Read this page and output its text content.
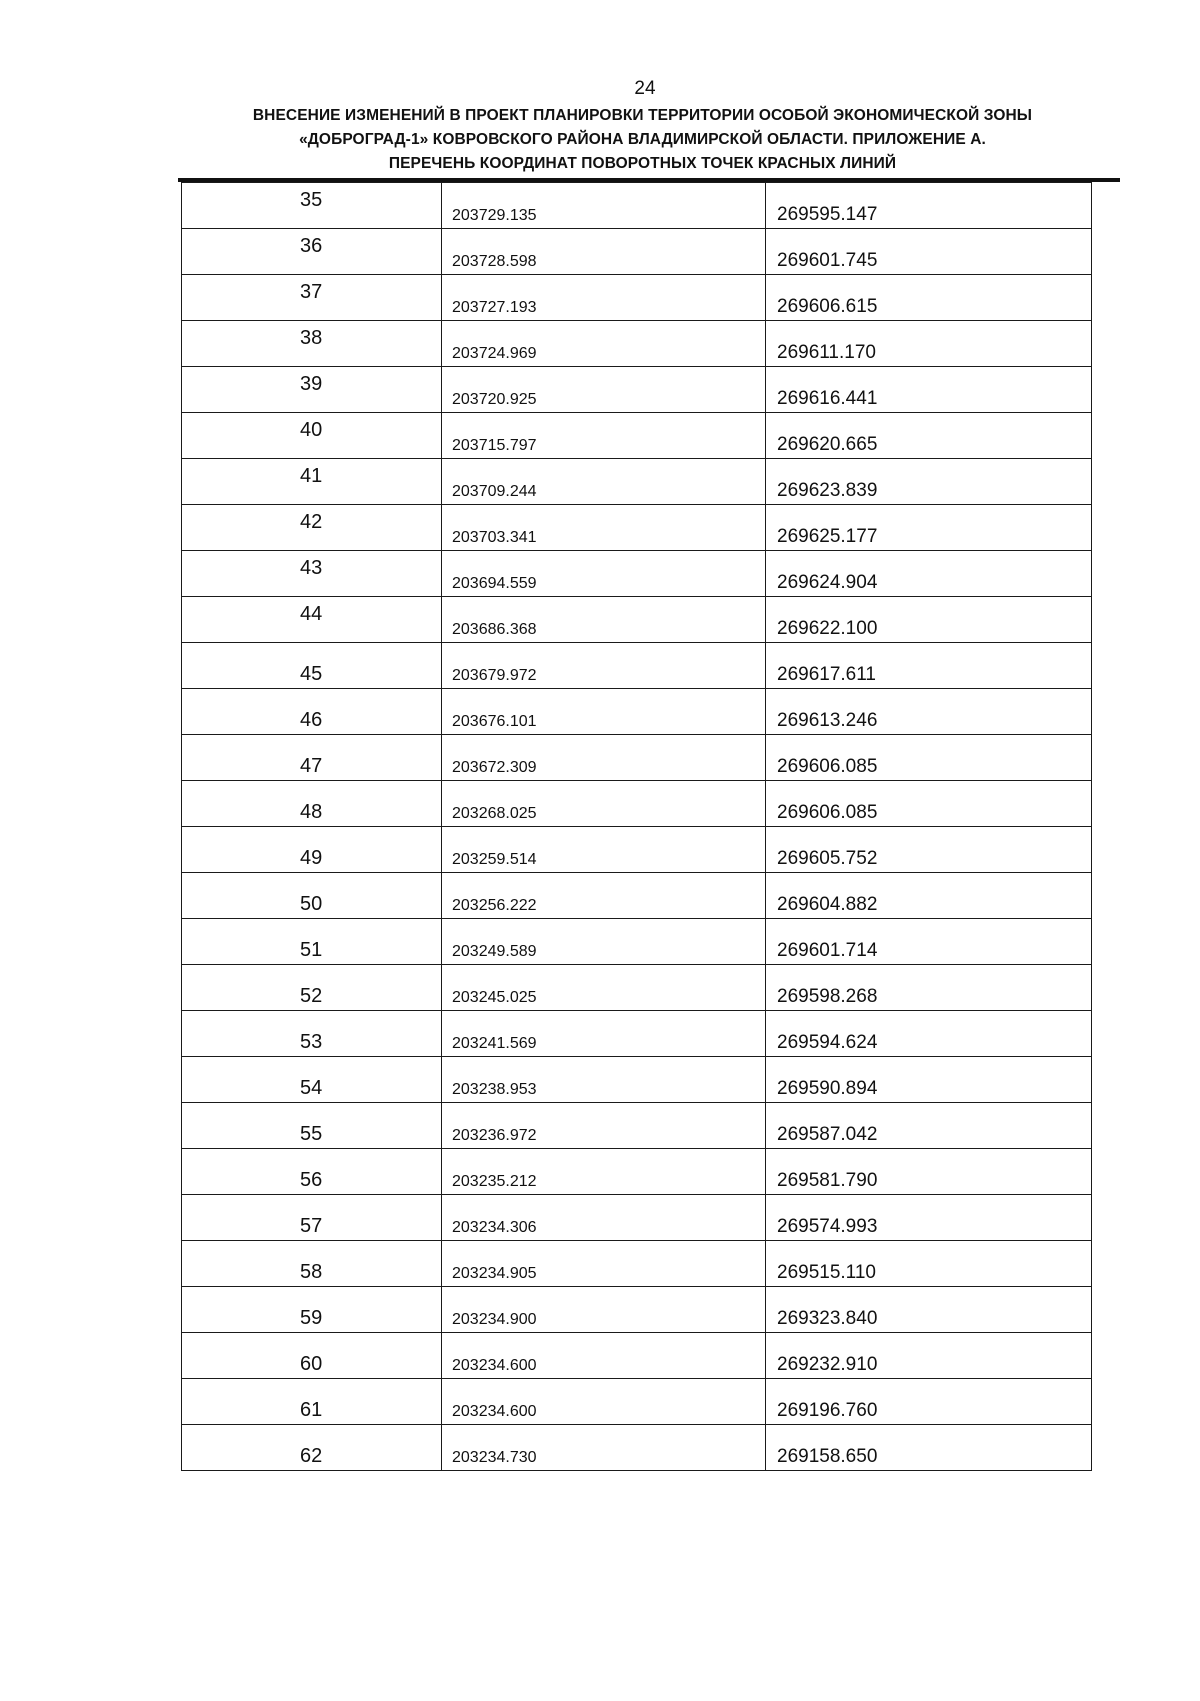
24
ВНЕСЕНИЕ ИЗМЕНЕНИЙ В ПРОЕКТ ПЛАНИРОВКИ ТЕРРИТОРИИ ОСОБОЙ ЭКОНОМИЧЕСКОЙ ЗОНЫ
«ДОБРОГРАД-1» КОВРОВСКОГО РАЙОНА ВЛАДИМИРСКОЙ ОБЛАСТИ. ПРИЛОЖЕНИЕ А.
ПЕРЕЧЕНЬ КООРДИНАТ ПОВОРОТНЫХ ТОЧЕК КРАСНЫХ ЛИНИЙ
35	203729.135	269595.147

36	203728.598	269601.745

37	203727.193	269606.615

38	203724.969	269611.170

39	203720.925	269616.441

40	203715.797	269620.665

41	203709.244	269623.839

42	203703.341	269625.177

43	203694.559	269624.904

44	203686.368	269622.100

45	203679.972	269617.611

46	203676.101	269613.246

47	203672.309	269606.085

48	203268.025	269606.085

49	203259.514	269605.752

50	203256.222	269604.882

51	203249.589	269601.714

52	203245.025	269598.268

53	203241.569	269594.624

54	203238.953	269590.894

55	203236.972	269587.042

56	203235.212	269581.790

57	203234.306	269574.993

58	203234.905	269515.110

59	203234.900	269323.840

60	203234.600	269232.910

61	203234.600	269196.760

62	203234.730	269158.650
